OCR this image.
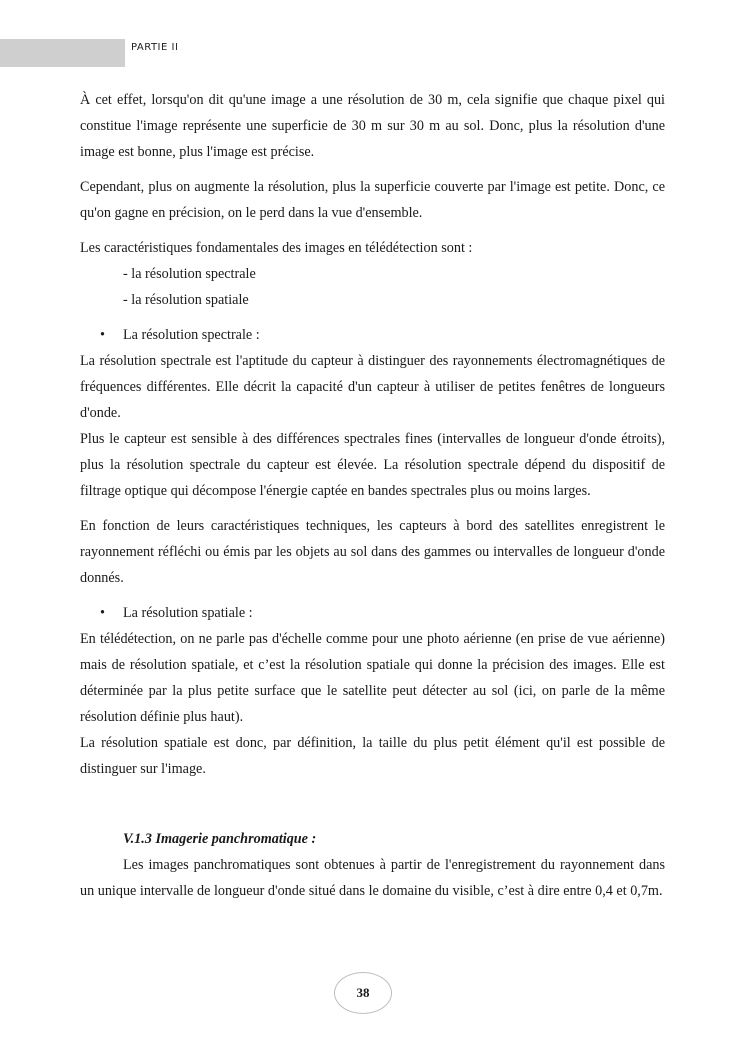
PARTIE II

À cet effet, lorsqu'on dit qu'une image a une résolution de 30 m, cela signifie que chaque pixel qui constitue l'image représente une superficie de 30 m sur 30 m au sol. Donc, plus la résolution d'une image est bonne, plus l'image est précise.

Cependant, plus on augmente la résolution, plus la superficie couverte par l'image est petite. Donc, ce qu'on gagne en précision, on le perd dans la vue d'ensemble.

Les caractéristiques fondamentales des images en télédétection sont :

- la résolution spectrale
- la résolution spatiale
• La résolution spectrale :

La résolution spectrale est l'aptitude du capteur à distinguer des rayonnements électromagnétiques de fréquences différentes. Elle décrit la capacité d'un capteur à utiliser de petites fenêtres de longueurs d'onde.

Plus le capteur est sensible à des différences spectrales fines (intervalles de longueur d'onde étroits), plus la résolution spectrale du capteur est élevée. La résolution spectrale dépend du dispositif de filtrage optique qui décompose l'énergie captée en bandes spectrales plus ou moins larges.

En fonction de leurs caractéristiques techniques, les capteurs à bord des satellites enregistrent le rayonnement réfléchi ou émis par les objets au sol dans des gammes ou intervalles de longueur d'onde donnés.

• La résolution spatiale :

En télédétection, on ne parle pas d'échelle comme pour une photo aérienne (en prise de vue aérienne) mais de résolution spatiale, et c’est la résolution spatiale qui donne la précision des images. Elle est déterminée par la plus petite surface que le satellite peut détecter au sol (ici, on parle de la même résolution définie plus haut).

La résolution spatiale est donc, par définition, la taille du plus petit élément qu'il est possible de distinguer sur l'image.

V.1.3 Imagerie panchromatique :

Les images panchromatiques sont obtenues à partir de l'enregistrement du rayonnement dans un unique intervalle de longueur d'onde situé dans le domaine du visible, c’est à dire entre 0,4 et 0,7m.

38
